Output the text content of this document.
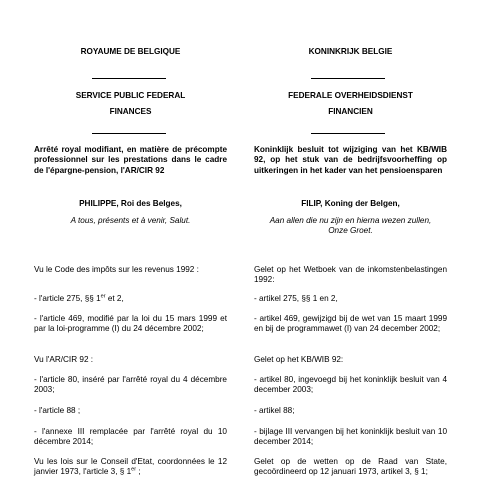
ROYAUME DE BELGIQUE
SERVICE PUBLIC FEDERAL
FINANCES
Arrêté royal modifiant, en matière de précompte professionnel sur les prestations dans le cadre de l'épargne-pension, l'AR/CIR 92
PHILIPPE, Roi des Belges,
A tous, présents et à venir, Salut.
Vu le Code des impôts sur les revenus 1992 :
- l'article 275, §§ 1er et 2,
- l'article 469, modifié par la loi du 15 mars 1999 et par la loi-programme (I) du 24 décembre 2002;
Vu l'AR/CIR 92 :
- l'article 80, inséré par l'arrêté royal du 4 décembre 2003;
- l'article 88 ;
- l'annexe III remplacée par l'arrêté royal du 10 décembre 2014;
Vu les lois sur le Conseil d'Etat, coordonnées le 12 janvier 1973, l'article 3, § 1er ;
KONINKRIJK BELGIE
FEDERALE OVERHEIDSDIENST
FINANCIEN
Koninklijk besluit tot wijziging van het KB/WIB 92, op het stuk van de bedrijfsvoorheffing op uitkeringen in het kader van het pensioensparen
FILIP, Koning der Belgen,
Aan allen die nu zijn en hierna wezen zullen,
Onze Groet.
Gelet op het Wetboek van de inkomstenbelastingen 1992:
- artikel 275, §§ 1 en 2,
- artikel 469, gewijzigd bij de wet van 15 maart 1999 en bij de programmawet (I) van 24 december 2002;
Gelet op het KB/WIB 92:
- artikel 80, ingevoegd bij het koninklijk besluit van 4 december 2003;
- artikel 88;
- bijlage III vervangen bij het koninklijk besluit van 10 december 2014;
Gelet op de wetten op de Raad van State, gecoördineerd op 12 januari 1973, artikel 3, § 1;
